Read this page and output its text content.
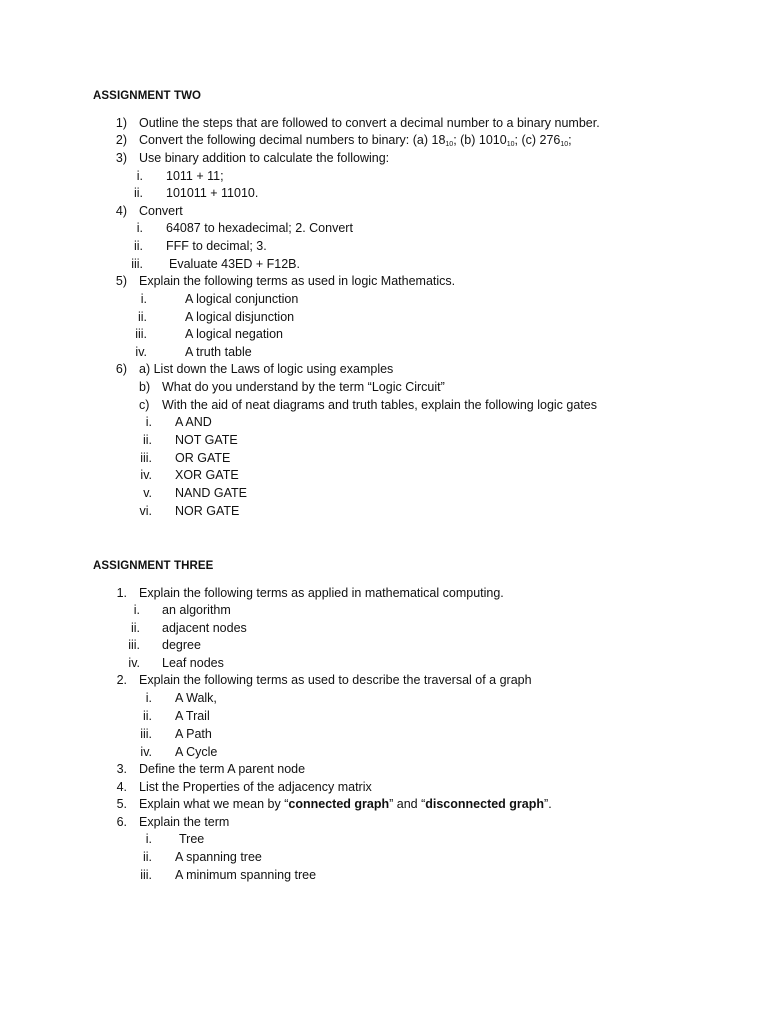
ASSIGNMENT TWO
1) Outline the steps that are followed to convert a decimal number to a binary number.
2) Convert the following decimal numbers to binary: (a) $18_{10}$; (b) $1010_{10}$; (c) $276_{10}$;
3) Use binary addition to calculate the following:
i. 1011 + 11;
ii. 101011 + 11010.
4) Convert
i. 64087 to hexadecimal; 2. Convert
ii. FFF to decimal; 3.
iii. Evaluate 43ED + F12B.
5) Explain the following terms as used in logic Mathematics.
i.	A logical conjunction
ii.	A logical disjunction
iii.	A logical negation
iv.	A truth table
6) a) List down the Laws of logic using examples
b) What do you understand by the term “Logic Circuit”
c) With the aid of neat diagrams and truth tables, explain the following logic gates
i. A AND
ii. NOT GATE
iii. OR GATE
iv. XOR GATE
v. NAND GATE
vi. NOR GATE
ASSIGNMENT THREE
1. Explain the following terms as applied in mathematical computing.
i. an algorithm
ii. adjacent nodes
iii. degree
iv. Leaf nodes
2. Explain the following terms as used to describe the traversal of a graph
i. A Walk,
ii. A Trail
iii. A Path
iv. A Cycle
3. Define the term A parent node
4. List the Properties of the adjacency matrix
5. Explain what we mean by “connected graph” and “disconnected graph”.
6. Explain the term
i. Tree
ii. A spanning tree
iii. A minimum spanning tree
